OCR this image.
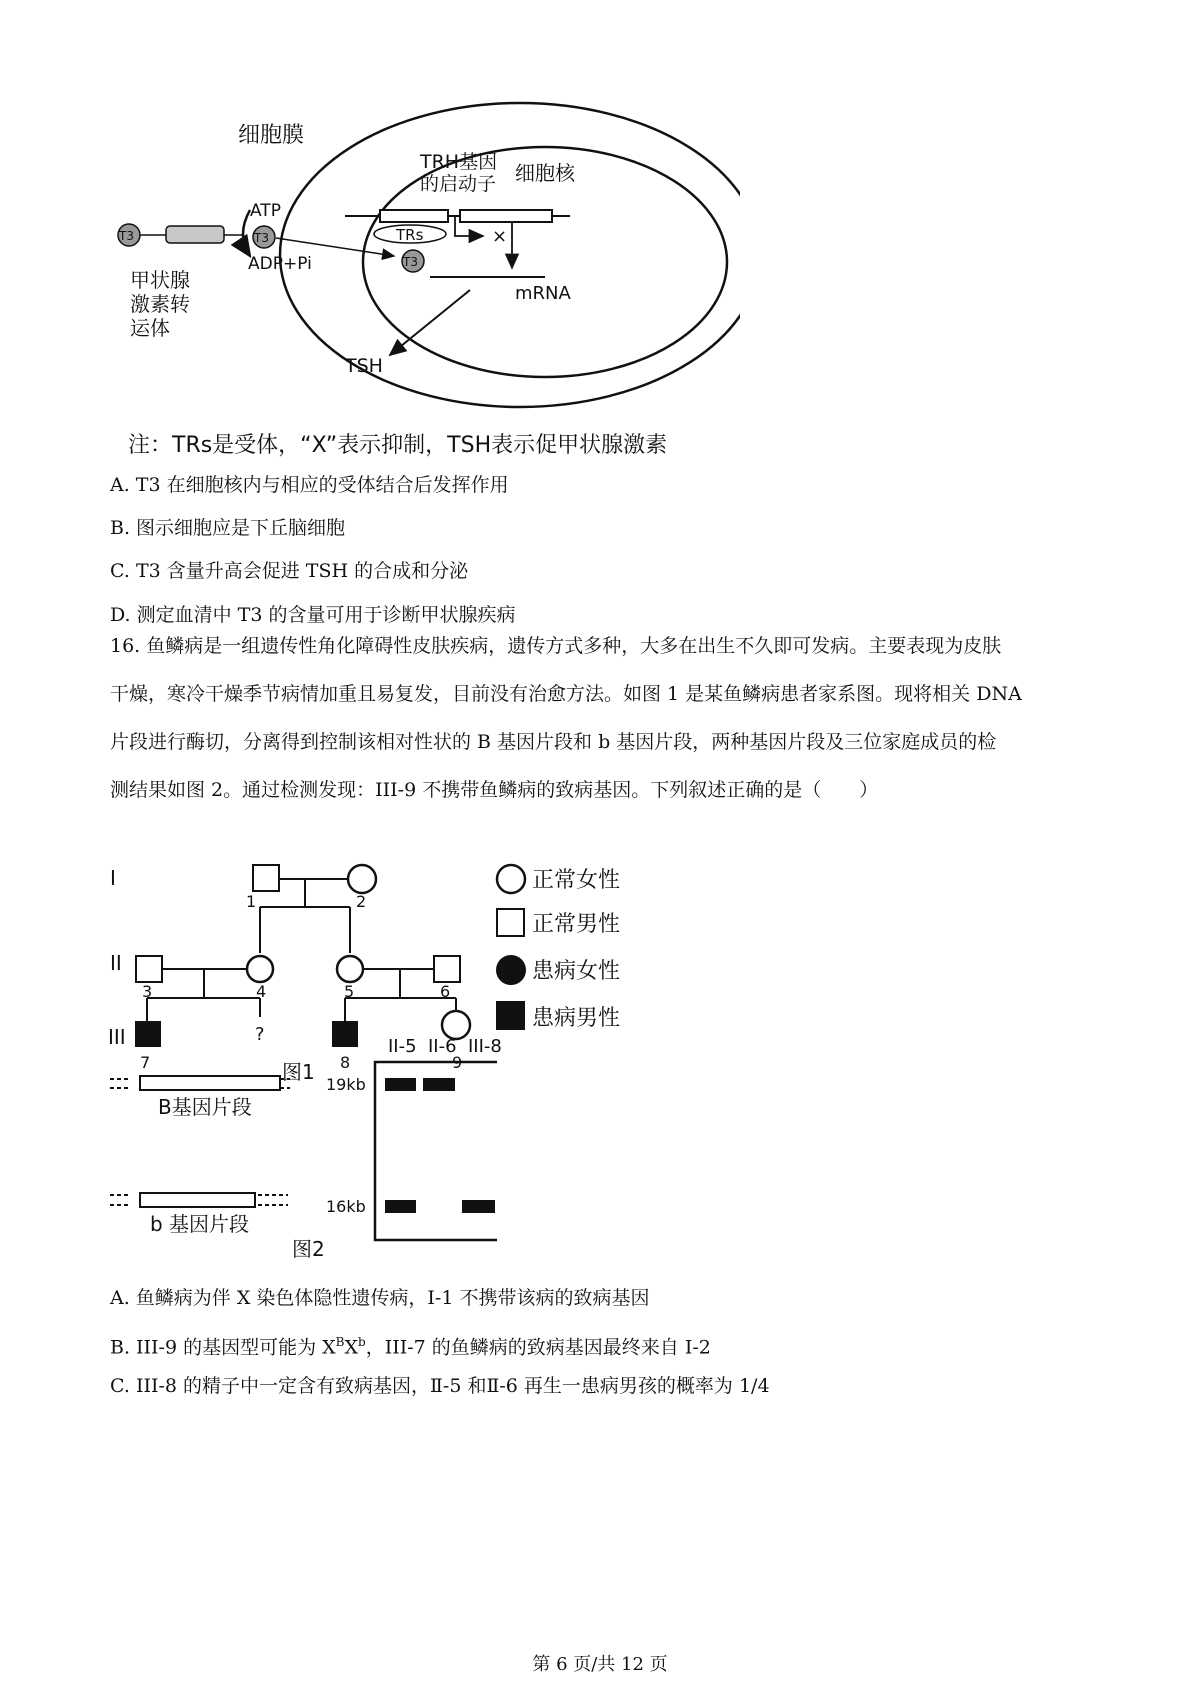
细胞膜
细胞核
TRH基因
的启动子
TRs	×
mRNA
T3
T3
ATP
ADP+Pi
T3
甲状腺
激素转
运体
TSH
注：TRs是受体，“X”表示抑制，TSH表示促甲状腺激素
A. T3 在细胞核内与相应的受体结合后发挥作用
B. 图示细胞应是下丘脑细胞
C. T3 含量升高会促进 TSH 的合成和分泌
D. 测定血清中 T3 的含量可用于诊断甲状腺疾病

16. 鱼鳞病是一组遗传性角化障碍性皮肤疾病，遗传方式多种，大多在出生不久即可发病。主要表现为皮肤

干燥，寒冷干燥季节病情加重且易复发，目前没有治愈方法。如图 1 是某鱼鳞病患者家系图。现将相关 DNA

片段进行酶切，分离得到控制该相对性状的 B 基因片段和 b 基因片段，两种基因片段及三位家庭成员的检

测结果如图 2。通过检测发现：III-9 不携带鱼鳞病的致病基因。下列叙述正确的是（　　）

I
II
III
1	2
3	4	5	6
?
7	8	9
图1
正常女性
正常男性
患病女性
患病男性
II-5 II-6 III-8
19kb
16kb
B基因片段
b 基因片段
图2
A. 鱼鳞病为伴 X 染色体隐性遗传病，I-1 不携带该病的致病基因
B. III-9 的基因型可能为 $X^BX^b$，III-7 的鱼鳞病的致病基因最终来自 I-2
C. III-8 的精子中一定含有致病基因，Ⅱ-5 和Ⅱ-6 再生一患病男孩的概率为 1/4
第 6 页/共 12 页
